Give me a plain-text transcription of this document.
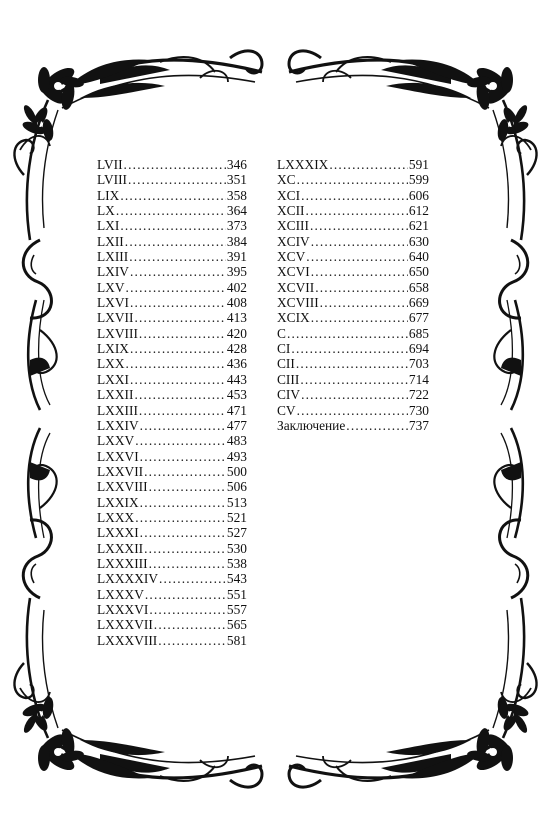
LVII .....	346
LVIII .....	351
LIX .....	358
LX .....	364
LXI .....	373
LXII .....	384
LXIII .....	391
LXIV .....	395
LXV .....	402
LXVI .....	408
LXVII .....	413
LXVIII .....	420
LXIX .....	428
LXX .....	436
LXXI .....	443
LXXII .....	453
LXXIII .....	471
LXXIV .....	477
LXXV .....	483
LXXVI .....	493
LXXVII .....	500
LXXVIII .....	506
LXXIX .....	513
LXXX .....	521
LXXXI .....	527
LXXXII .....	530
LXXXIII .....	538
LXXXXIV .....	543
LXXXV .....	551
LXXXVI .....	557
LXXXVII .....	565
LXXXVIII .....	581
LXXXIX .....	591
XC .....	599
XCI .....	606
XCII .....	612
XCIII .....	621
XCIV .....	630
XCV .....	640
XCVI .....	650
XCVII .....	658
XCVIII .....	669
XCIX .....	677
C .....	685
CI .....	694
CII .....	703
CIII .....	714
CIV .....	722
CV .....	730
Заключение .....	737
